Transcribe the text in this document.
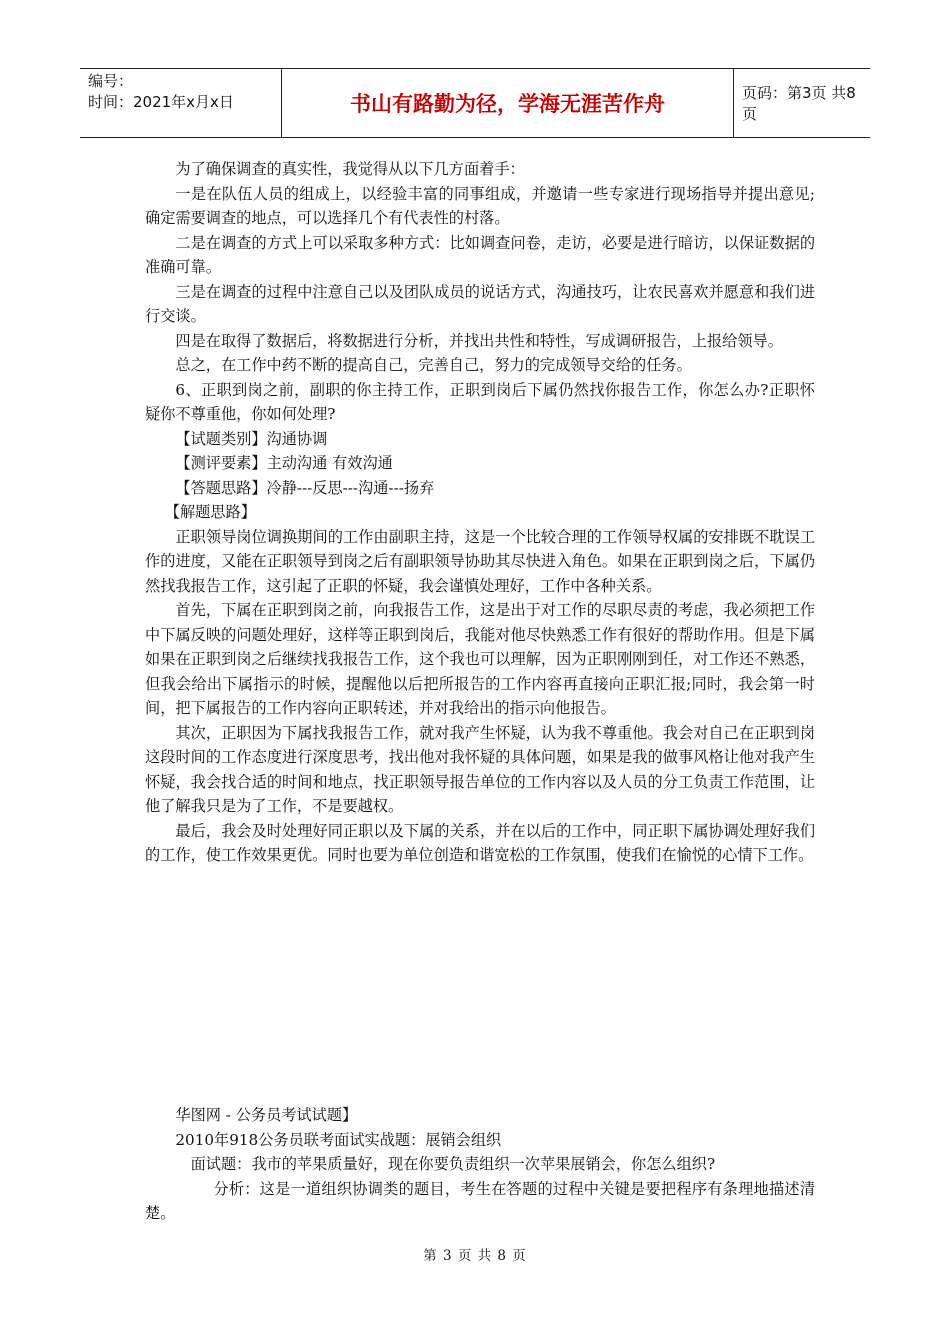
编号：
时间：2021年x月x日	书山有路勤为径，学海无涯苦作舟	页码：第3页 共8页

为了确保调查的真实性，我觉得从以下几方面着手：

一是在队伍人员的组成上，以经验丰富的同事组成，并邀请一些专家进行现场指导并提出意见;确定需要调查的地点，可以选择几个有代表性的村落。

二是在调查的方式上可以采取多种方式：比如调查问卷，走访，必要是进行暗访，以保证数据的准确可靠。

三是在调查的过程中注意自己以及团队成员的说话方式，沟通技巧，让农民喜欢并愿意和我们进行交谈。

四是在取得了数据后，将数据进行分析，并找出共性和特性，写成调研报告，上报给领导。

总之，在工作中药不断的提高自己，完善自己，努力的完成领导交给的任务。

6、正职到岗之前，副职的你主持工作，正职到岗后下属仍然找你报告工作，你怎么办?正职怀疑你不尊重他，你如何处理?

【试题类别】沟通协调

【测评要素】主动沟通 有效沟通

【答题思路】冷静---反思---沟通---扬弃

【解题思路】

正职领导岗位调换期间的工作由副职主持，这是一个比较合理的工作领导权属的安排既不耽误工作的进度，又能在正职领导到岗之后有副职领导协助其尽快进入角色。如果在正职到岗之后，下属仍然找我报告工作，这引起了正职的怀疑，我会谨慎处理好，工作中各种关系。

首先，下属在正职到岗之前，向我报告工作，这是出于对工作的尽职尽责的考虑，我必须把工作中下属反映的问题处理好，这样等正职到岗后，我能对他尽快熟悉工作有很好的帮助作用。但是下属如果在正职到岗之后继续找我报告工作，这个我也可以理解，因为正职刚刚到任，对工作还不熟悉，但我会给出下属指示的时候，提醒他以后把所报告的工作内容再直接向正职汇报;同时，我会第一时间，把下属报告的工作内容向正职转述，并对我给出的指示向他报告。

其次，正职因为下属找我报告工作，就对我产生怀疑，认为我不尊重他。我会对自己在正职到岗这段时间的工作态度进行深度思考，找出他对我怀疑的具体问题，如果是我的做事风格让他对我产生怀疑，我会找合适的时间和地点，找正职领导报告单位的工作内容以及人员的分工负责工作范围，让他了解我只是为了工作，不是要越权。

最后，我会及时处理好同正职以及下属的关系，并在以后的工作中，同正职下属协调处理好我们的工作，使工作效果更优。同时也要为单位创造和谐宽松的工作氛围，使我们在愉悦的心情下工作。

华图网 - 公务员考试试题】

2010年918公务员联考面试实战题：展销会组织

面试题：我市的苹果质量好，现在你要负责组织一次苹果展销会，你怎么组织?

分析：这是一道组织协调类的题目，考生在答题的过程中关键是要把程序有条理地描述清楚。

第 3 页 共 8 页
